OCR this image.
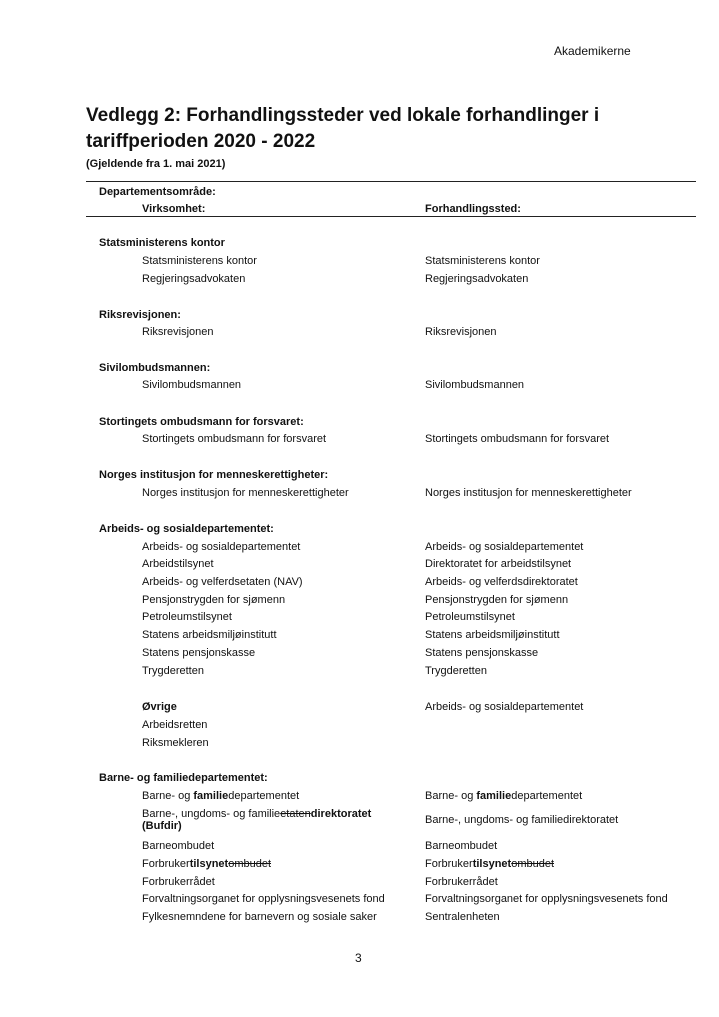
Akademikerne
Vedlegg 2: Forhandlingssteder ved lokale forhandlinger i tariffperioden 2020 - 2022
(Gjeldende fra 1. mai 2021)
Departementsområde:
Virksomhet:	Forhandlingssted:
Statsministerens kontor
Statsministerens kontor	Statsministerens kontor
Regjeringsadvokaten	Regjeringsadvokaten
Riksrevisjonen:
Riksrevisjonen	Riksrevisjonen
Sivilombudsmannen:
Sivilombudsmannen	Sivilombudsmannen
Stortingets ombudsmann for forsvaret:
Stortingets ombudsmann for forsvaret	Stortingets ombudsmann for forsvaret
Norges institusjon for menneskerettigheter:
Norges institusjon for menneskerettigheter	Norges institusjon for menneskerettigheter
Arbeids- og sosialdepartementet:
Arbeids- og sosialdepartementet	Arbeids- og sosialdepartementet
Arbeidstilsynet	Direktoratet for arbeidstilsynet
Arbeids- og velferdsetaten (NAV)	Arbeids- og velferdsdirektoratet
Pensjonstrygden for sjømenn	Pensjonstrygden for sjømenn
Petroleumstilsynet	Petroleumstilsynet
Statens arbeidsmiljøinstitutt	Statens arbeidsmiljøinstitutt
Statens pensjonskasse	Statens pensjonskasse
Trygderetten	Trygderetten
Øvrige	Arbeids- og sosialdepartementet
Arbeidsretten
Riksmekleren
Barne- og familiedepartementet:
Barne- og familiedepartementet	Barne- og familiedepartementet
Barne-, ungdoms- og familieetatendirektoratet
(Bufdir)	Barne-, ungdoms- og familiedirektoratet
Barneombudet	Barneombudet
Forbrukertilsynetombudet	Forbrukertilsynetombudet
Forbrukerrådet	Forbrukerrådet
Forvaltningsorganet for opplysningsvesenets fond	Forvaltningsorganet for opplysningsvesenets fond
Fylkesnemndene for barnevern og sosiale saker	Sentralenheten
3
